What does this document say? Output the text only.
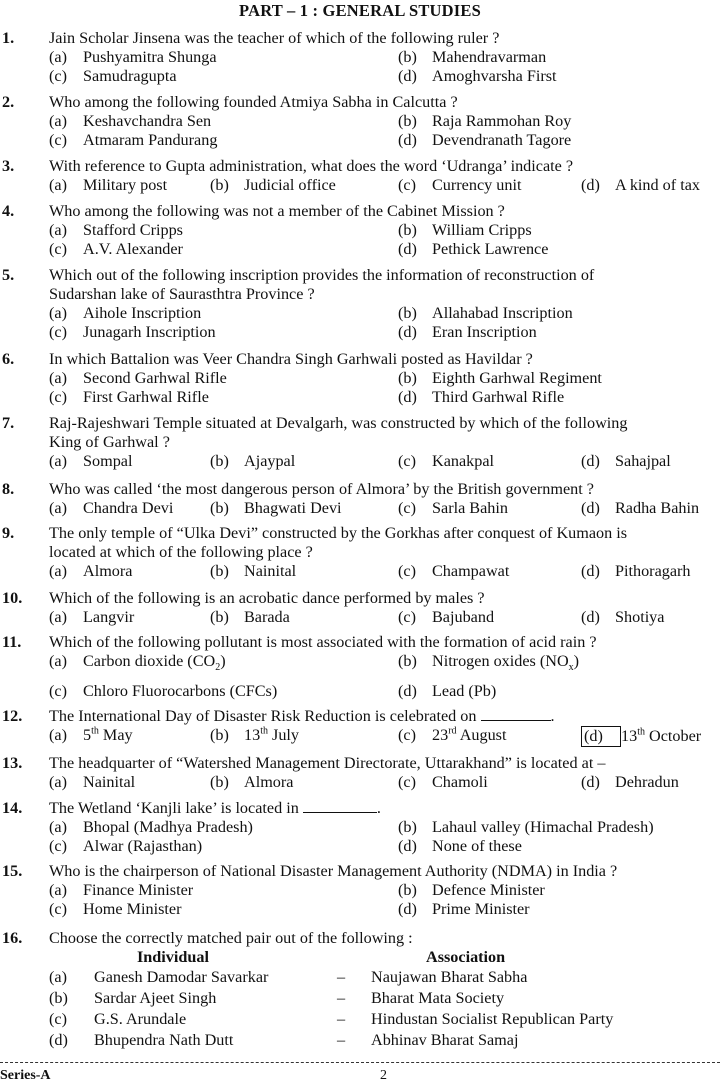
PART – 1 : GENERAL STUDIES
1.	Jain Scholar Jinsena was the teacher of which of the following ruler ?
(a) Pushyamitra Shunga	(b) Mahendravarman
(c) Samudragupta	(d) Amoghvarsha First
2.	Who among the following founded Atmiya Sabha in Calcutta ?
(a) Keshavchandra Sen	(b) Raja Rammohan Roy
(c) Atmaram Pandurang	(d) Devendranath Tagore
3.	With reference to Gupta administration, what does the word ‘Udranga’ indicate ?
(a) Military post	(b) Judicial office	(c) Currency unit	(d) A kind of tax
4.	Who among the following was not a member of the Cabinet Mission ?
(a) Stafford Cripps	(b) William Cripps
(c) A.V. Alexander	(d) Pethick Lawrence
5.	Which out of the following inscription provides the information of reconstruction of
Sudarshan lake of Saurasthtra Province ?
(a) Aihole Inscription	(b) Allahabad Inscription
(c) Junagarh Inscription	(d) Eran Inscription
6.	In which Battalion was Veer Chandra Singh Garhwali posted as Havildar ?
(a) Second Garhwal Rifle	(b) Eighth Garhwal Regiment
(c) First Garhwal Rifle	(d) Third Garhwal Rifle
7.	Raj-Rajeshwari Temple situated at Devalgarh, was constructed by which of the following
King of Garhwal ?
(a) Sompal	(b) Ajaypal	(c) Kanakpal	(d) Sahajpal
8.	Who was called ‘the most dangerous person of Almora’ by the British government ?
(a) Chandra Devi (b) Bhagwati Devi	(c) Sarla Bahin	(d) Radha Bahin
9.	The only temple of “Ulka Devi” constructed by the Gorkhas after conquest of Kumaon is
located at which of the following place ?
(a) Almora	(b) Nainital	(c) Champawat	(d) Pithoragarh
10.	Which of the following is an acrobatic dance performed by males ?
(a) Langvir	(b) Barada	(c) Bajuband	(d) Shotiya
11.	Which of the following pollutant is most associated with the formation of acid rain ?
(a) Carbon dioxide $(CO_2)$	(b) Nitrogen oxides $(NO_x)$
(c) Chloro Fluorocarbons (CFCs)	(d) Lead (Pb)
12.	The International Day of Disaster Risk Reduction is celebrated on	.
(a) 5th May	(b) 13th July	(c) 23rd August	(d) 13th October
13.	The headquarter of “Watershed Management Directorate, Uttarakhand” is located at –
(a) Nainital	(b) Almora	(c) Chamoli	(d) Dehradun
14.	The Wetland ‘Kanjli lake’ is located in	.
(a) Bhopal (Madhya Pradesh)	(b) Lahaul valley (Himachal Pradesh)
(c) Alwar (Rajasthan)	(d) None of these
15.	Who is the chairperson of National Disaster Management Authority (NDMA) in India ?
(a) Finance Minister	(b) Defence Minister
(c) Home Minister	(d) Prime Minister
16.	Choose the correctly matched pair out of the following :
Individual	Association
(a) Ganesh Damodar Savarkar	– Naujawan Bharat Sabha
(b) Sardar Ajeet Singh	– Bharat Mata Society
(c) G.S. Arundale	– Hindustan Socialist Republican Party
(d) Bhupendra Nath Dutt	– Abhinav Bharat Samaj
Series-A	2
